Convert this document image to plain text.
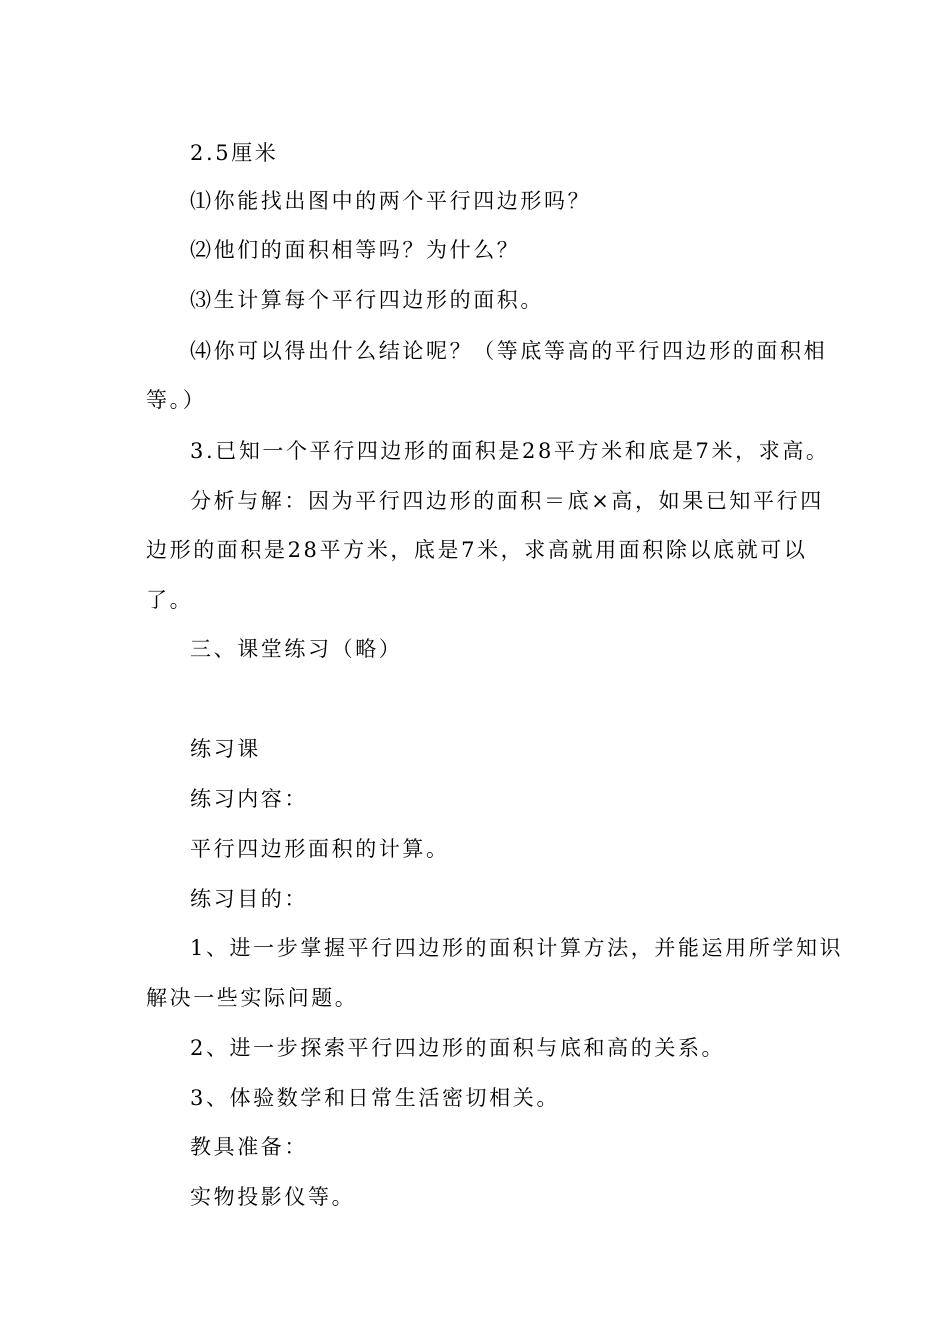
2.5厘米
⑴你能找出图中的两个平行四边形吗？
⑵他们的面积相等吗？为什么？
⑶生计算每个平行四边形的面积。
⑷你可以得出什么结论呢？（等底等高的平行四边形的面积相
等。）
3.已知一个平行四边形的面积是28平方米和底是7米，求高。
分析与解：因为平行四边形的面积＝底×高，如果已知平行四
边形的面积是28平方米，底是7米，求高就用面积除以底就可以
了。
三、课堂练习（略）
练习课
练习内容：
平行四边形面积的计算。
练习目的：
1、进一步掌握平行四边形的面积计算方法，并能运用所学知识
解决一些实际问题。
2、进一步探索平行四边形的面积与底和高的关系。
3、体验数学和日常生活密切相关。
教具准备：
实物投影仪等。
